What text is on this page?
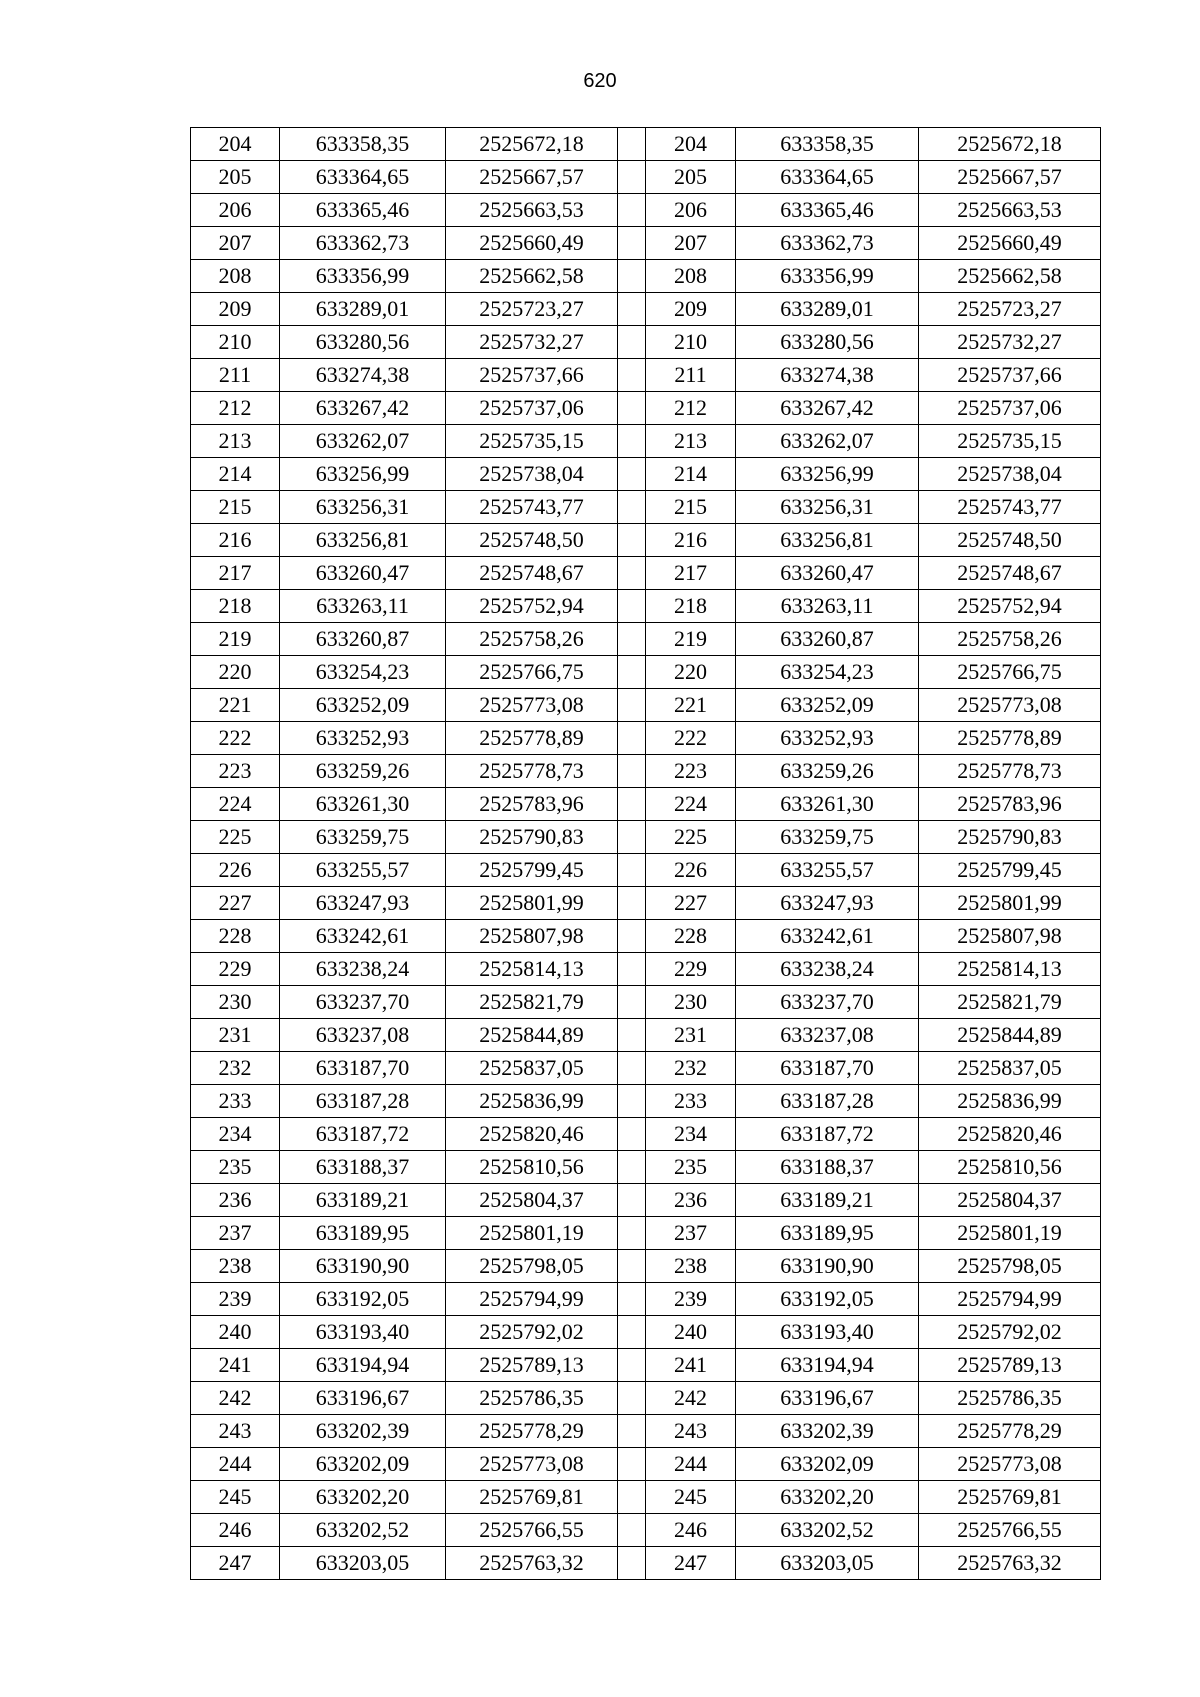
620
204	633358,35	2525672,18		204	633358,35	2525672,18
205	633364,65	2525667,57		205	633364,65	2525667,57
206	633365,46	2525663,53		206	633365,46	2525663,53
207	633362,73	2525660,49		207	633362,73	2525660,49
208	633356,99	2525662,58		208	633356,99	2525662,58
209	633289,01	2525723,27		209	633289,01	2525723,27
210	633280,56	2525732,27		210	633280,56	2525732,27
211	633274,38	2525737,66		211	633274,38	2525737,66
212	633267,42	2525737,06		212	633267,42	2525737,06
213	633262,07	2525735,15		213	633262,07	2525735,15
214	633256,99	2525738,04		214	633256,99	2525738,04
215	633256,31	2525743,77		215	633256,31	2525743,77
216	633256,81	2525748,50		216	633256,81	2525748,50
217	633260,47	2525748,67		217	633260,47	2525748,67
218	633263,11	2525752,94		218	633263,11	2525752,94
219	633260,87	2525758,26		219	633260,87	2525758,26
220	633254,23	2525766,75		220	633254,23	2525766,75
221	633252,09	2525773,08		221	633252,09	2525773,08
222	633252,93	2525778,89		222	633252,93	2525778,89
223	633259,26	2525778,73		223	633259,26	2525778,73
224	633261,30	2525783,96		224	633261,30	2525783,96
225	633259,75	2525790,83		225	633259,75	2525790,83
226	633255,57	2525799,45		226	633255,57	2525799,45
227	633247,93	2525801,99		227	633247,93	2525801,99
228	633242,61	2525807,98		228	633242,61	2525807,98
229	633238,24	2525814,13		229	633238,24	2525814,13
230	633237,70	2525821,79		230	633237,70	2525821,79
231	633237,08	2525844,89		231	633237,08	2525844,89
232	633187,70	2525837,05		232	633187,70	2525837,05
233	633187,28	2525836,99		233	633187,28	2525836,99
234	633187,72	2525820,46		234	633187,72	2525820,46
235	633188,37	2525810,56		235	633188,37	2525810,56
236	633189,21	2525804,37		236	633189,21	2525804,37
237	633189,95	2525801,19		237	633189,95	2525801,19
238	633190,90	2525798,05		238	633190,90	2525798,05
239	633192,05	2525794,99		239	633192,05	2525794,99
240	633193,40	2525792,02		240	633193,40	2525792,02
241	633194,94	2525789,13		241	633194,94	2525789,13
242	633196,67	2525786,35		242	633196,67	2525786,35
243	633202,39	2525778,29		243	633202,39	2525778,29
244	633202,09	2525773,08		244	633202,09	2525773,08
245	633202,20	2525769,81		245	633202,20	2525769,81
246	633202,52	2525766,55		246	633202,52	2525766,55
247	633203,05	2525763,32		247	633203,05	2525763,32
